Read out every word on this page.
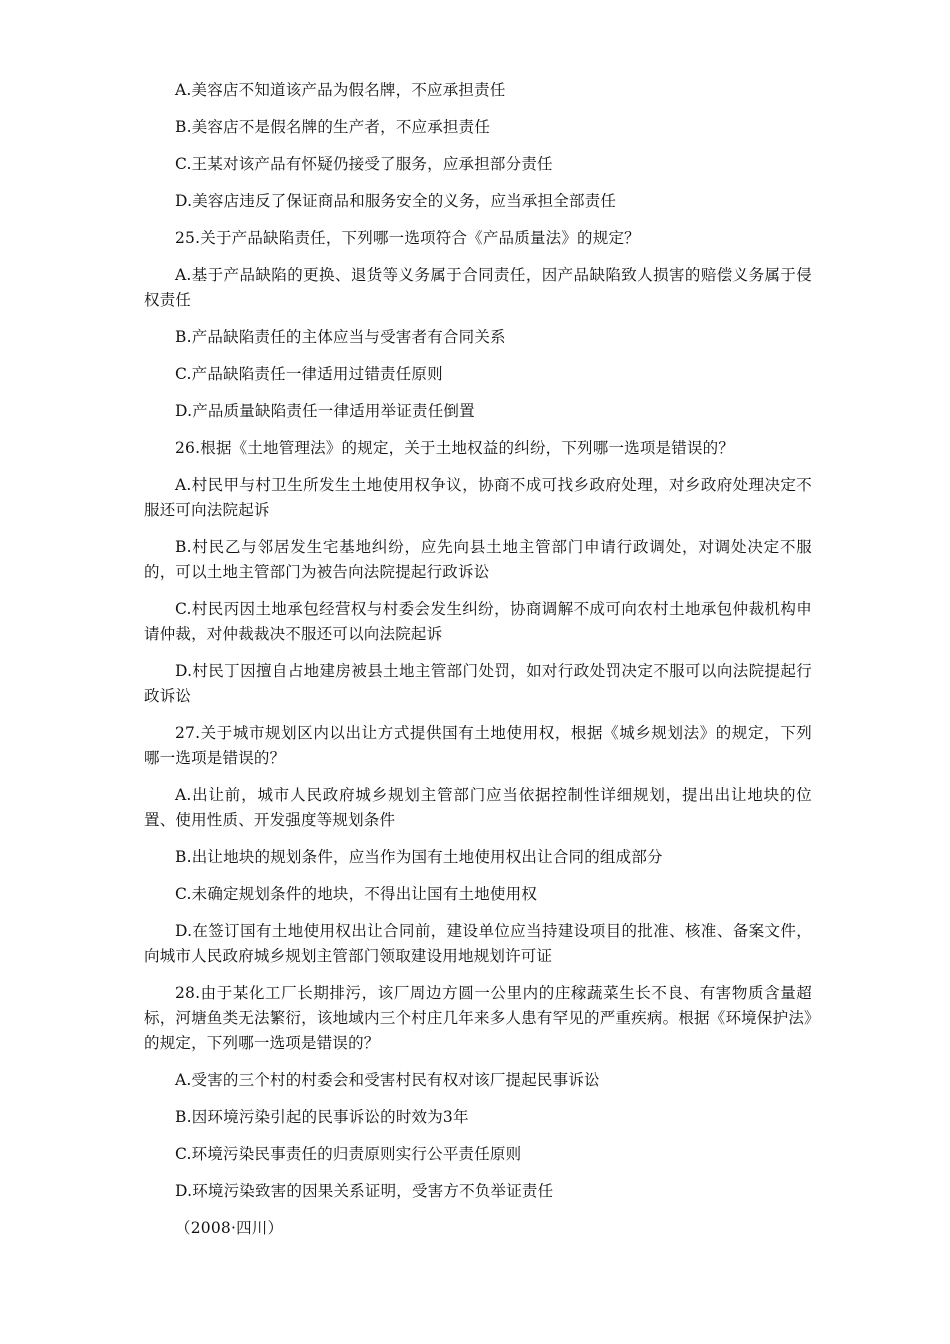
A.美容店不知道该产品为假名牌，不应承担责任

B.美容店不是假名牌的生产者，不应承担责任

C.王某对该产品有怀疑仍接受了服务，应承担部分责任

D.美容店违反了保证商品和服务安全的义务，应当承担全部责任

25.关于产品缺陷责任，下列哪一选项符合《产品质量法》的规定？

A.基于产品缺陷的更换、退货等义务属于合同责任，因产品缺陷致人损害的赔偿义务属于侵权责任

B.产品缺陷责任的主体应当与受害者有合同关系

C.产品缺陷责任一律适用过错责任原则

D.产品质量缺陷责任一律适用举证责任倒置

26.根据《土地管理法》的规定，关于土地权益的纠纷，下列哪一选项是错误的？

A.村民甲与村卫生所发生土地使用权争议，协商不成可找乡政府处理，对乡政府处理决定不服还可向法院起诉

B.村民乙与邻居发生宅基地纠纷，应先向县土地主管部门申请行政调处，对调处决定不服的，可以土地主管部门为被告向法院提起行政诉讼

C.村民丙因土地承包经营权与村委会发生纠纷，协商调解不成可向农村土地承包仲裁机构申请仲裁，对仲裁裁决不服还可以向法院起诉

D.村民丁因擅自占地建房被县土地主管部门处罚，如对行政处罚决定不服可以向法院提起行政诉讼

27.关于城市规划区内以出让方式提供国有土地使用权，根据《城乡规划法》的规定，下列哪一选项是错误的？

A.出让前，城市人民政府城乡规划主管部门应当依据控制性详细规划，提出出让地块的位置、使用性质、开发强度等规划条件

B.出让地块的规划条件，应当作为国有土地使用权出让合同的组成部分

C.未确定规划条件的地块，不得出让国有土地使用权

D.在签订国有土地使用权出让合同前，建设单位应当持建设项目的批准、核准、备案文件，向城市人民政府城乡规划主管部门领取建设用地规划许可证

28.由于某化工厂长期排污，该厂周边方圆一公里内的庄稼蔬菜生长不良、有害物质含量超标，河塘鱼类无法繁衍，该地域内三个村庄几年来多人患有罕见的严重疾病。根据《环境保护法》的规定，下列哪一选项是错误的？

A.受害的三个村的村委会和受害村民有权对该厂提起民事诉讼

B.因环境污染引起的民事诉讼的时效为3年

C.环境污染民事责任的归责原则实行公平责任原则

D.环境污染致害的因果关系证明，受害方不负举证责任

（2008·四川）
